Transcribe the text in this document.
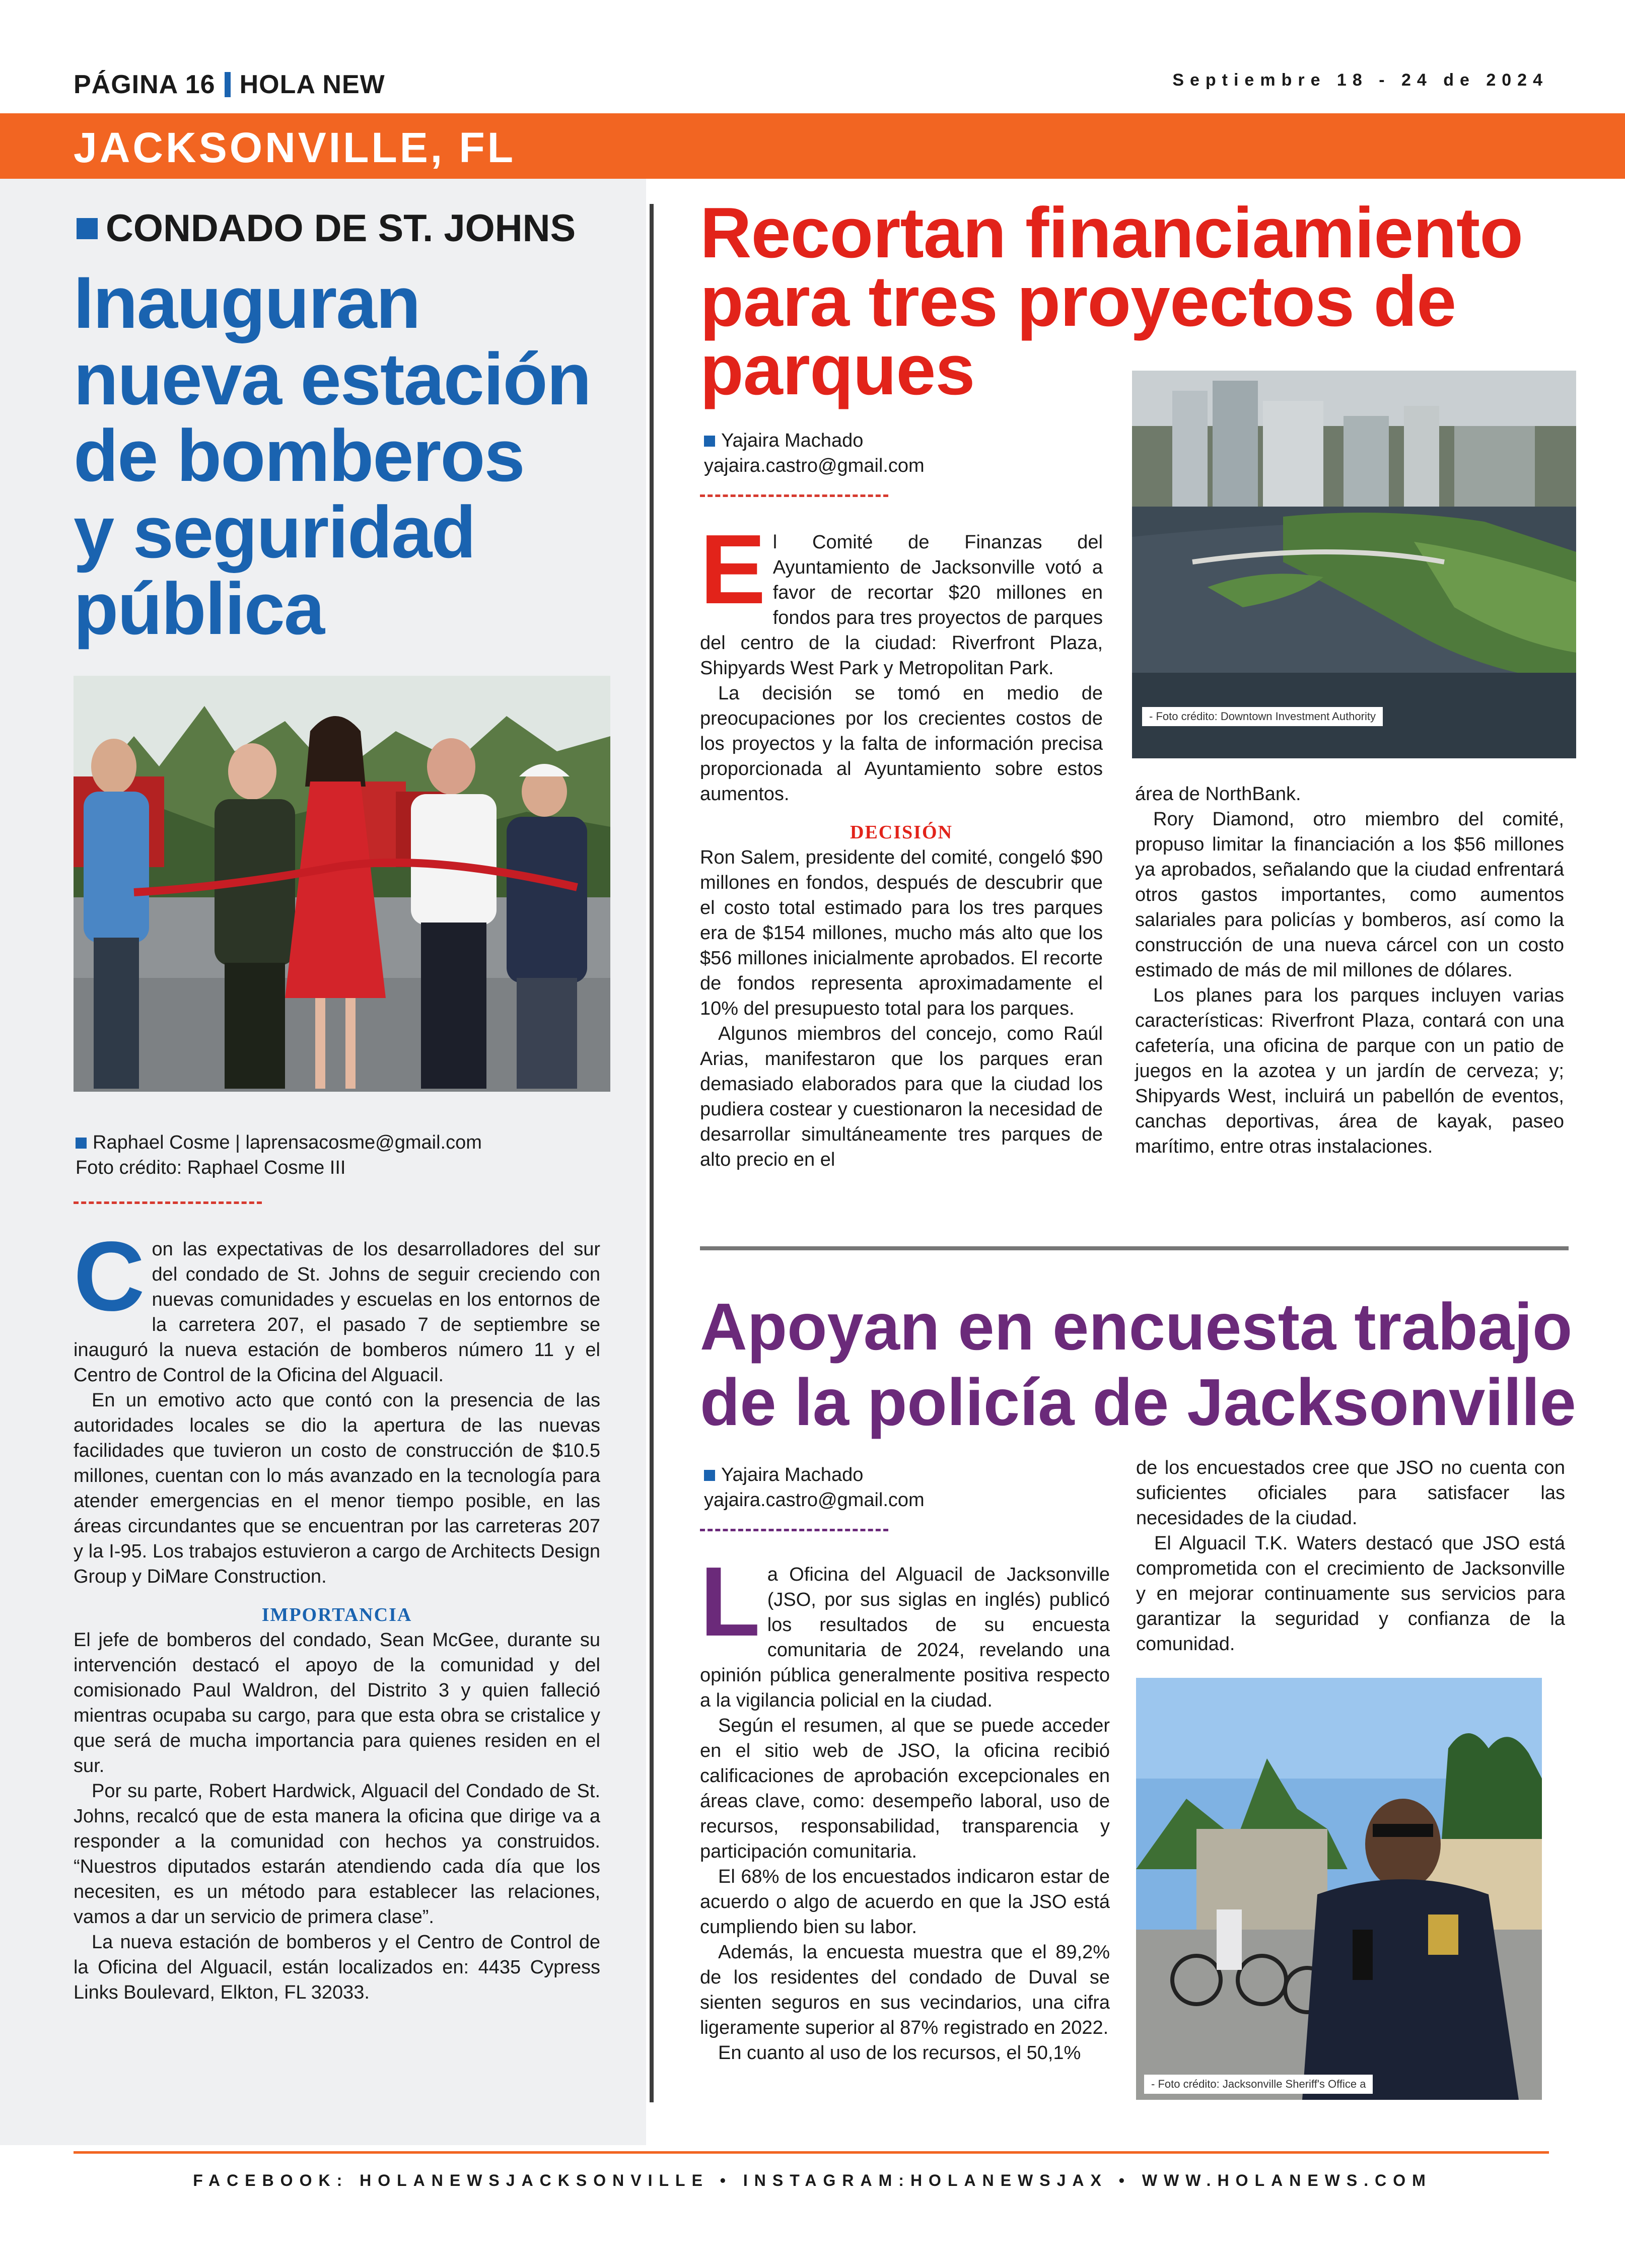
PÁGINA 16 HOLA NEW	Septiembre 18 - 24 de 2024
JACKSONVILLE, FL
CONDADO DE ST. JOHNS
Inauguran
nueva estación
de bomberos
y seguridad
pública
Raphael Cosme | laprensacosme@gmail.com
Foto crédito: Raphael Cosme III
C on las expectativas de los desarrolladores del sur del condado de St. Johns de seguir creciendo con nuevas comunidades y escuelas en los entornos de la carretera 207, el pasado 7 de septiembre se inauguró la nueva estación de bomberos número 11 y el Centro de Control de la Oficina del Alguacil.

En un emotivo acto que contó con la presencia de las autoridades locales se dio la apertura de las nuevas facilidades que tuvieron un costo de construcción de $10.5 millones, cuentan con lo más avanzado en la tecnología para atender emergencias en el menor tiempo posible, en las áreas circundantes que se encuentran por las carreteras 207 y la I-95. Los trabajos estuvieron a cargo de Architects Design Group y DiMare Construction.

IMPORTANCIA

El jefe de bomberos del condado, Sean McGee, durante su intervención destacó el apoyo de la comunidad y del comisionado Paul Waldron, del Distrito 3 y quien falleció mientras ocupaba su cargo, para que esta obra se cristalice y que será de mucha importancia para quienes residen en el sur.

Por su parte, Robert Hardwick, Alguacil del Condado de St. Johns, recalcó que de esta manera la oficina que dirige va a responder a la comunidad con hechos ya construidos. “Nuestros diputados estarán atendiendo cada día que los necesiten, es un método para establecer las relaciones, vamos a dar un servicio de primera clase”.

La nueva estación de bomberos y el Centro de Control de la Oficina del Alguacil, están localizados en: 4435 Cypress Links Boulevard, Elkton, FL 32033.

Recortan financiamiento
para tres proyectos de
parques
Yajaira Machado
yajaira.castro@gmail.com
- Foto crédito: Downtown Investment Authority
E l Comité de Finanzas del Ayuntamiento de Jacksonville votó a favor de recortar $20 millones en fondos para tres proyectos de parques del centro de la ciudad: Riverfront Plaza, Shipyards West Park y Metropolitan Park.

La decisión se tomó en medio de preocupaciones por los crecientes costos de los proyectos y la falta de información precisa proporcionada al Ayuntamiento sobre estos aumentos.

DECISIÓN

Ron Salem, presidente del comité, congeló $90 millones en fondos, después de descubrir que el costo total estimado para los tres parques era de $154 millones, mucho más alto que los $56 millones inicialmente aprobados. El recorte de fondos representa aproximadamente el 10% del presupuesto total para los parques.

Algunos miembros del concejo, como Raúl Arias, manifestaron que los parques eran demasiado elaborados para que la ciudad los pudiera costear y cuestionaron la necesidad de desarrollar simultáneamente tres parques de alto precio en el

área de NorthBank.

Rory Diamond, otro miembro del comité, propuso limitar la financiación a los $56 millones ya aprobados, señalando que la ciudad enfrentará otros gastos importantes, como aumentos salariales para policías y bomberos, así como la construcción de una nueva cárcel con un costo estimado de más de mil millones de dólares.

Los planes para los parques incluyen varias características: Riverfront Plaza, contará con una cafetería, una oficina de parque con un patio de juegos en la azotea y un jardín de cerveza; y; Shipyards West, incluirá un pabellón de eventos, canchas deportivas, área de kayak, paseo marítimo, entre otras instalaciones.

Apoyan en encuesta trabajo
de la policía de Jacksonville
Yajaira Machado
yajaira.castro@gmail.com
L a Oficina del Alguacil de Jacksonville (JSO, por sus siglas en inglés) publicó los resultados de su encuesta comunitaria de 2024, revelando una opinión pública generalmente positiva respecto a la vigilancia policial en la ciudad.

Según el resumen, al que se puede acceder en el sitio web de JSO, la oficina recibió calificaciones de aprobación excepcionales en áreas clave, como: desempeño laboral, uso de recursos, responsabilidad, transparencia y participación comunitaria.

El 68% de los encuestados indicaron estar de acuerdo o algo de acuerdo en que la JSO está cumpliendo bien su labor.

Además, la encuesta muestra que el 89,2% de los residentes del condado de Duval se sienten seguros en sus vecindarios, una cifra ligeramente superior al 87% registrado en 2022.

En cuanto al uso de los recursos, el 50,1%

de los encuestados cree que JSO no cuenta con suficientes oficiales para satisfacer las necesidades de la ciudad.

El Alguacil T.K. Waters destacó que JSO está comprometida con el crecimiento de Jacksonville y en mejorar continuamente sus servicios para garantizar la seguridad y confianza de la comunidad.

- Foto crédito: Jacksonville Sheriff's Office a
FACEBOOK: HOLANEWSJACKSONVILLE • INSTAGRAM:HOLANEWSJAX • WWW.HOLANEWS.COM
